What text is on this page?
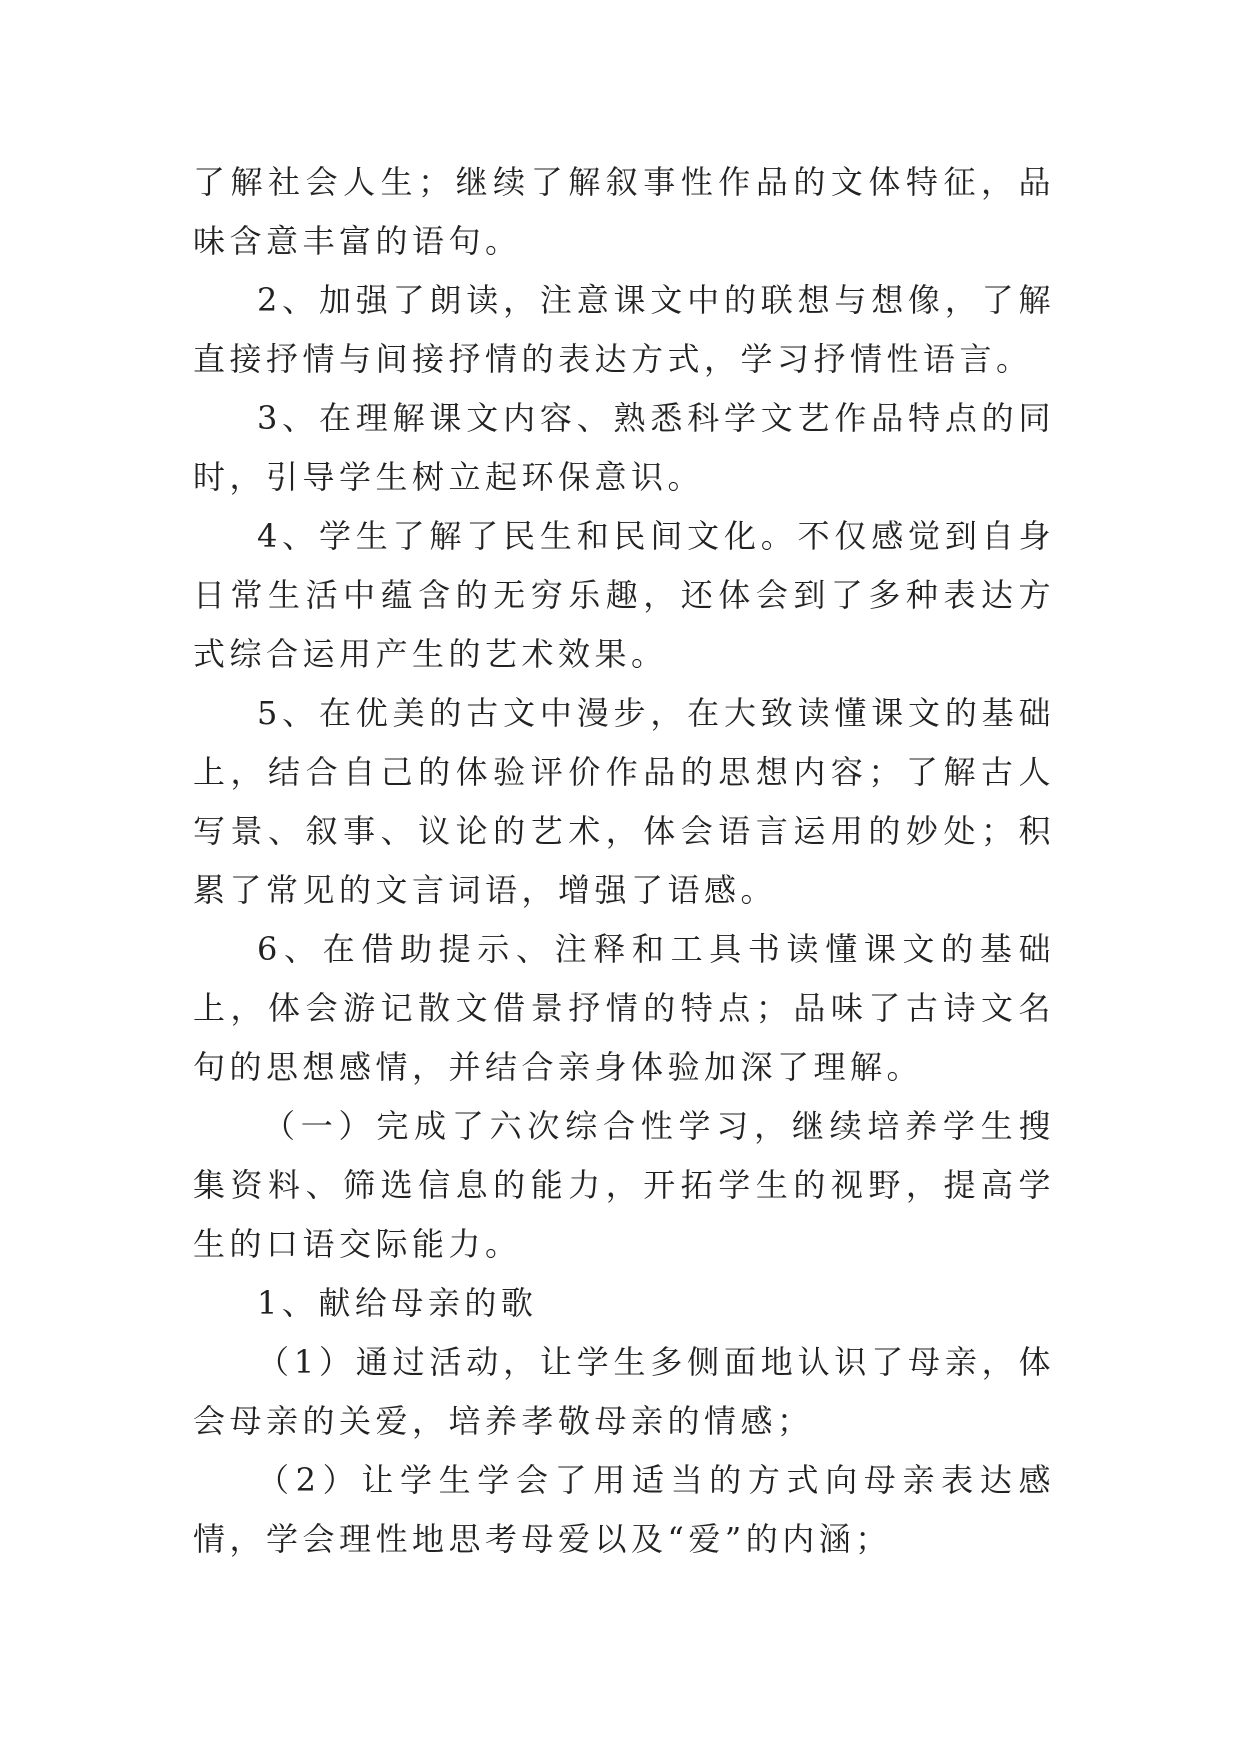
了解社会人生；继续了解叙事性作品的文体特征，品味含意丰富的语句。

2、加强了朗读，注意课文中的联想与想像，了解直接抒情与间接抒情的表达方式，学习抒情性语言。

3、在理解课文内容、熟悉科学文艺作品特点的同时，引导学生树立起环保意识。

4、学生了解了民生和民间文化。不仅感觉到自身日常生活中蕴含的无穷乐趣，还体会到了多种表达方式综合运用产生的艺术效果。

5、在优美的古文中漫步，在大致读懂课文的基础上，结合自己的体验评价作品的思想内容；了解古人写景、叙事、议论的艺术，体会语言运用的妙处；积累了常见的文言词语，增强了语感。

6、在借助提示、注释和工具书读懂课文的基础上，体会游记散文借景抒情的特点；品味了古诗文名句的思想感情，并结合亲身体验加深了理解。

（一）完成了六次综合性学习，继续培养学生搜集资料、筛选信息的能力，开拓学生的视野，提高学生的口语交际能力。

1、献给母亲的歌

（1）通过活动，让学生多侧面地认识了母亲，体会母亲的关爱，培养孝敬母亲的情感；

（2）让学生学会了用适当的方式向母亲表达感情，学会理性地思考母爱以及“爱”的内涵；
